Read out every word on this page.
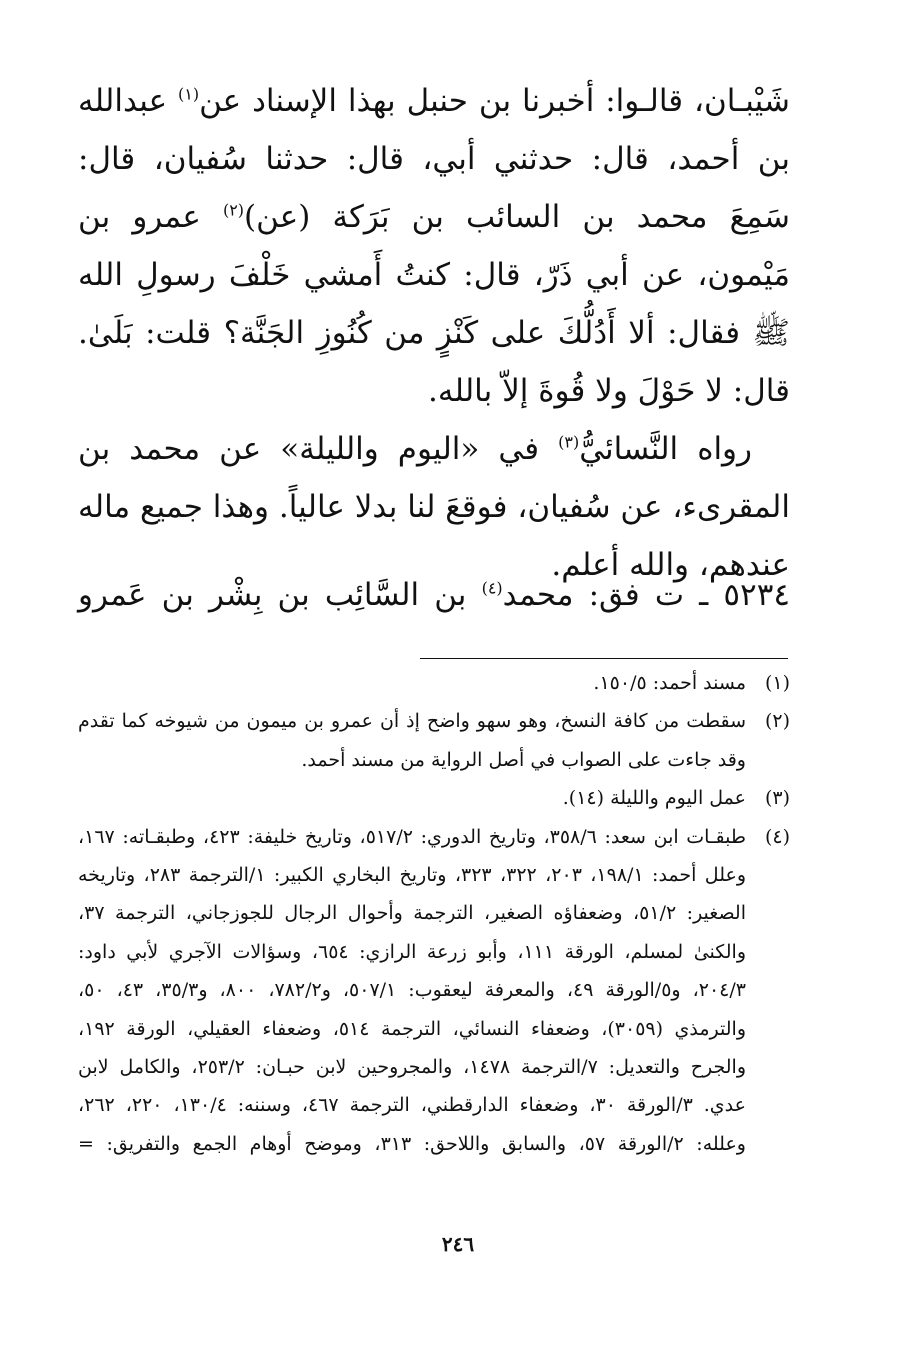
شَيْبـان، قالـوا: أخبرنا بن حنبل بهذا الإسناد عن$^{(١)}$ عبدالله بن أحمد، قال: حدثني أبي، قال: حدثنا سُفيان، قال: سَمِعَ محمد بن السائب بن بَرَكة (عن)$^{(٢)}$ عمرو بن مَيْمون، عن أبي ذَرّ، قال: كنتُ أَمشي خَلْفَ رسولِ الله ﷺ فقال: ألا أَدُلُّكَ على كَنْزٍ من كُنُوزِ الجَنَّة؟ قلت: بَلَىٰ. قال: لا حَوْلَ ولا قُوةَ إلاّ بالله.

رواه النَّسائيُّ$^{(٣)}$ في «اليوم والليلة» عن محمد بن المقرىء، عن سُفيان، فوقعَ لنا بدلا عالياً. وهذا جميع ماله عندهم، والله أعلم.

٥٢٣٤ ـ ت فق: محمد$^{(٤)}$ بن السَّائِب بن بِشْر بن عَمرو
(١)
مسند أحمد: ١٥٠/٥.
(٢)
سقطت من كافة النسخ، وهو سهو واضح إذ أن عمرو بن ميمون من شيوخه كما تقدم وقد جاءت على الصواب في أصل الرواية من مسند أحمد.
(٣)
عمل اليوم والليلة (١٤).
(٤)
طبقـات ابن سعد: ٣٥٨/٦، وتاريخ الدوري: ٥١٧/٢، وتاريخ خليفة: ٤٢٣، وطبقـاته: ١٦٧، وعلل أحمد: ١٩٨/١، ٢٠٣، ٣٢٢، ٣٢٣، وتاريخ البخاري الكبير: ١/الترجمة ٢٨٣، وتاريخه الصغير: ٥١/٢، وضعفاؤه الصغير، الترجمة وأحوال الرجال للجوزجاني، الترجمة ٣٧، والكنىٰ لمسلم، الورقة ١١١، وأبو زرعة الرازي: ٦٥٤، وسؤالات الآجري لأبي داود: ٢٠٤/٣، و٥/الورقة ٤٩، والمعرفة ليعقوب: ٥٠٧/١، و٧٨٢/٢، ٨٠٠، و٣٥/٣، ٤٣، ٥٠، والترمذي (٣٠٥٩)، وضعفاء النسائي، الترجمة ٥١٤، وضعفاء العقيلي، الورقة ١٩٢، والجرح والتعديل: ٧/الترجمة ١٤٧٨، والمجروحين لابن حبـان: ٢٥٣/٢، والكامل لابن عدي. ٣/الورقة ٣٠، وضعفاء الدارقطني، الترجمة ٤٦٧، وسننه: ١٣٠/٤، ٢٢٠، ٢٦٢، وعلله: ٢/الورقة ٥٧، والسابق واللاحق: ٣١٣، وموضح أوهام الجمع والتفريق: =
٢٤٦
